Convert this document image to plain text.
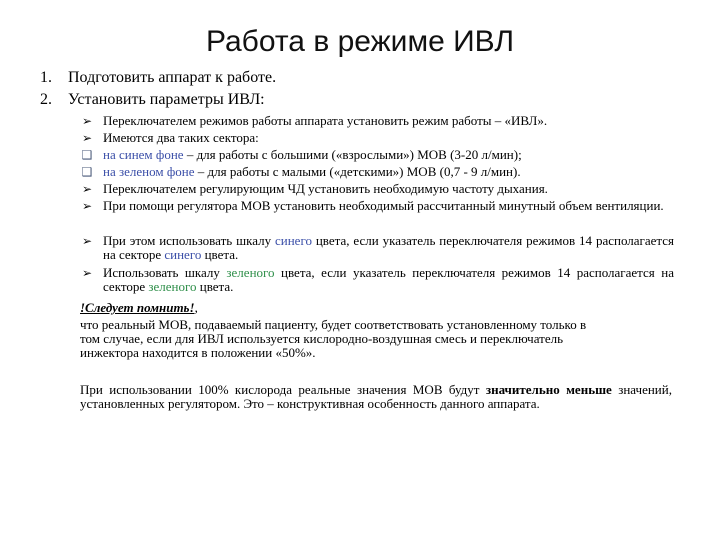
Работа в режиме ИВЛ
1. Подготовить аппарат к работе.
2. Установить параметры ИВЛ:
➢ Переключателем режимов работы аппарата установить режим работы – «ИВЛ».
➢ Имеются два таких сектора:
❑ на синем фоне – для работы с большими («взрослыми») МОВ (3-20 л/мин);
❑ на зеленом фоне – для работы с малыми («детскими») МОВ (0,7 - 9 л/мин).
➢ Переключателем регулирующим ЧД установить необходимую частоту дыхания.
➢ При помощи регулятора МОВ установить необходимый рассчитанный минутный объем вентиляции.
➢ При этом использовать шкалу синего цвета, если указатель переключателя режимов 14 располагается на секторе синего цвета.
➢ Использовать шкалу зеленого цвета, если указатель переключателя режимов 14 располагается на секторе зеленого цвета.
!Следует помнить!,
что реальный МОВ, подаваемый пациенту, будет соответствовать установленному только в
том случае, если для ИВЛ используется кислородно-воздушная смесь и переключатель
инжектора находится в положении «50%».
При использовании 100% кислорода реальные значения МОВ будут значительно меньше значений, установленных регулятором. Это – конструктивная особенность данного аппарата.
